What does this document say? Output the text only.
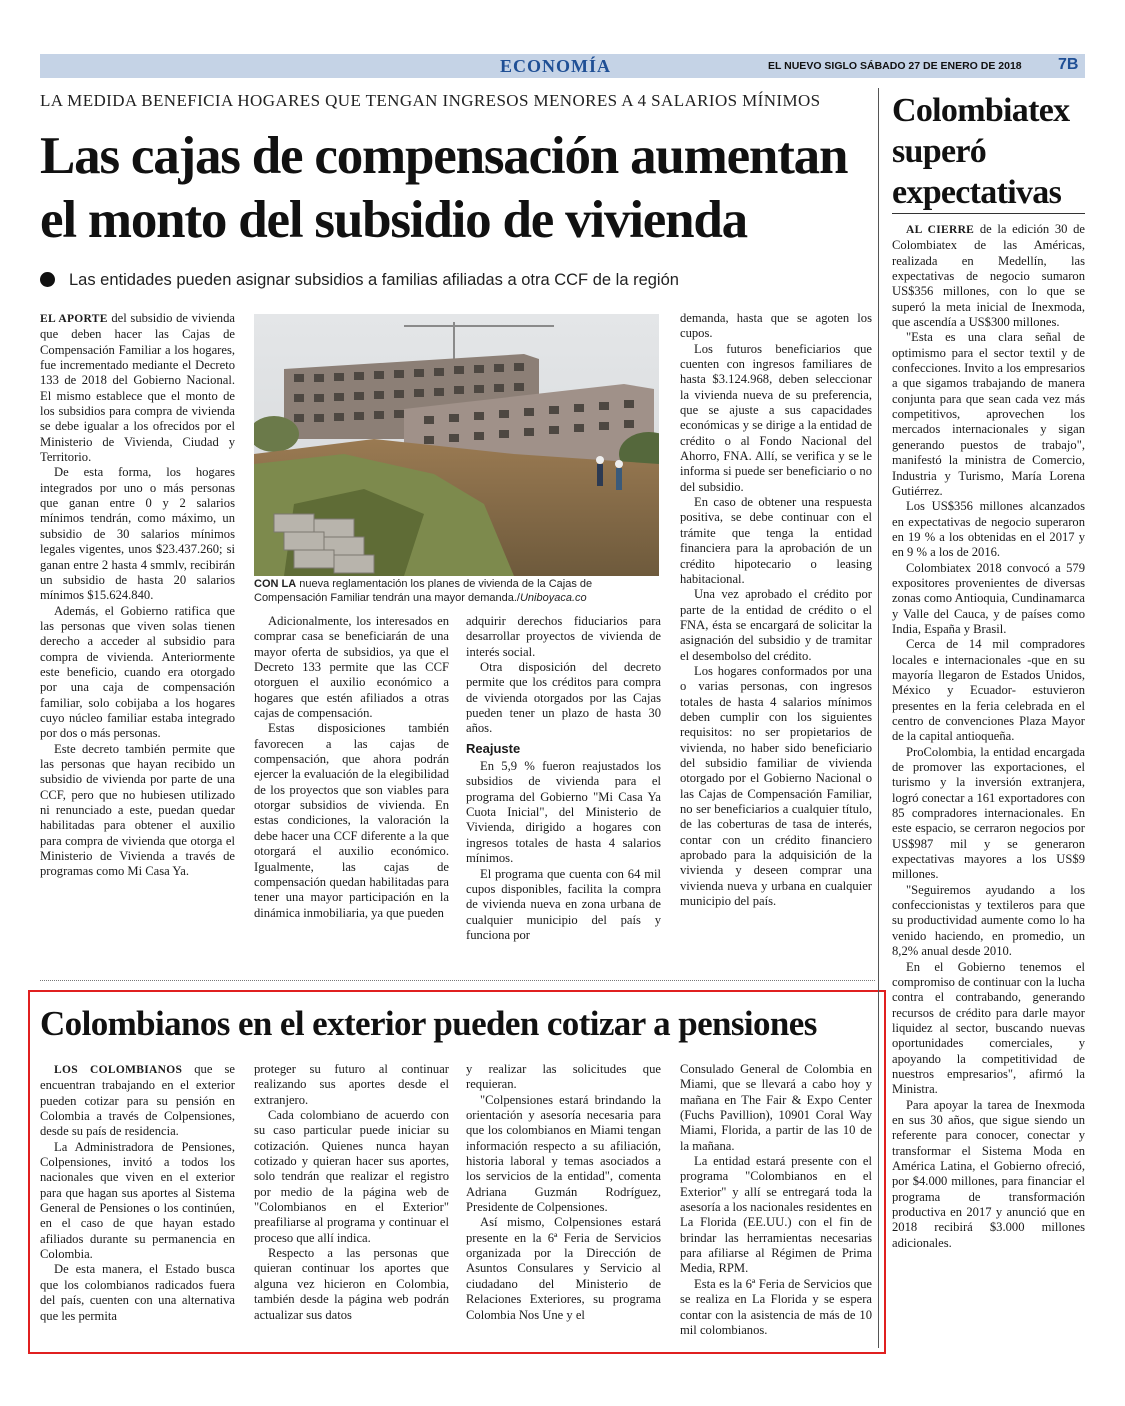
ECONOMÍA	EL NUEVO SIGLO SÁBADO 27 DE ENERO DE 2018 7B
LA MEDIDA BENEFICIA HOGARES QUE TENGAN INGRESOS MENORES A 4 SALARIOS MÍNIMOS
Las cajas de compensación aumentan el monto del subsidio de vivienda
Las entidades pueden asignar subsidios a familias afiliadas a otra CCF de la región

EL APORTE del subsidio de vivienda que deben hacer las Cajas de Compensación Familiar a los hogares, fue incrementado mediante el Decreto 133 de 2018 del Gobierno Nacional. El mismo establece que el monto de los subsidios para compra de vivienda se debe igualar a los ofrecidos por el Ministerio de Vivienda, Ciudad y Territorio.

De esta forma, los hogares integrados por uno o más personas que ganan entre 0 y 2 salarios mínimos tendrán, como máximo, un subsidio de 30 salarios mínimos legales vigentes, unos $23.437.260; si ganan entre 2 hasta 4 smmlv, recibirán un subsidio de hasta 20 salarios mínimos $15.624.840.

Además, el Gobierno ratifica que las personas que viven solas tienen derecho a acceder al subsidio para compra de vivienda. Anteriormente este beneficio, cuando era otorgado por una caja de compensación familiar, solo cobijaba a los hogares cuyo núcleo familiar estaba integrado por dos o más personas.

Este decreto también permite que las personas que hayan recibido un subsidio de vivienda por parte de una CCF, pero que no hubiesen utilizado ni renunciado a este, puedan quedar habilitadas para obtener el auxilio para compra de vivienda que otorga el Ministerio de Vivienda a través de programas como Mi Casa Ya.

CON LA nueva reglamentación los planes de vivienda de la Cajas de Compensación Familiar tendrán una mayor demanda./Uniboyaca.co

Adicionalmente, los interesados en comprar casa se beneficiarán de una mayor oferta de subsidios, ya que el Decreto 133 permite que las CCF otorguen el auxilio económico a hogares que estén afiliados a otras cajas de compensación.

Estas disposiciones también favorecen a las cajas de compensación, que ahora podrán ejercer la evaluación de la elegibilidad de los proyectos que son viables para otorgar subsidios de vivienda. En estas condiciones, la valoración la debe hacer una CCF diferente a la que otorgará el auxilio económico. Igualmente, las cajas de compensación quedan habilitadas para tener una mayor participación en la dinámica inmobiliaria, ya que pueden

adquirir derechos fiduciarios para desarrollar proyectos de vivienda de interés social.

Otra disposición del decreto permite que los créditos para compra de vivienda otorgados por las Cajas pueden tener un plazo de hasta 30 años.

Reajuste

En 5,9 % fueron reajustados los subsidios de vivienda para el programa del Gobierno "Mi Casa Ya Cuota Inicial", del Ministerio de Vivienda, dirigido a hogares con ingresos totales de hasta 4 salarios mínimos.

El programa que cuenta con 64 mil cupos disponibles, facilita la compra de vivienda nueva en zona urbana de cualquier municipio del país y funciona por

demanda, hasta que se agoten los cupos.

Los futuros beneficiarios que cuenten con ingresos familiares de hasta $3.124.968, deben seleccionar la vivienda nueva de su preferencia, que se ajuste a sus capacidades económicas y se dirige a la entidad de crédito o al Fondo Nacional del Ahorro, FNA. Allí, se verifica y se le informa si puede ser beneficiario o no del subsidio.

En caso de obtener una respuesta positiva, se debe continuar con el trámite que tenga la entidad financiera para la aprobación de un crédito hipotecario o leasing habitacional.

Una vez aprobado el crédito por parte de la entidad de crédito o el FNA, ésta se encargará de solicitar la asignación del subsidio y de tramitar el desembolso del crédito.

Los hogares conformados por una o varias personas, con ingresos totales de hasta 4 salarios mínimos deben cumplir con los siguientes requisitos: no ser propietarios de vivienda, no haber sido beneficiario del subsidio familiar de vivienda otorgado por el Gobierno Nacional o las Cajas de Compensación Familiar, no ser beneficiarios a cualquier título, de las coberturas de tasa de interés, contar con un crédito financiero aprobado para la adquisición de la vivienda y deseen comprar una vivienda nueva y urbana en cualquier municipio del país.

Colombianos en el exterior pueden cotizar a pensiones

LOS COLOMBIANOS que se encuentran trabajando en el exterior pueden cotizar para su pensión en Colombia a través de Colpensiones, desde su país de residencia.

La Administradora de Pensiones, Colpensiones, invitó a todos los nacionales que viven en el exterior para que hagan sus aportes al Sistema General de Pensiones o los continúen, en el caso de que hayan estado afiliados durante su permanencia en Colombia.

De esta manera, el Estado busca que los colombianos radicados fuera del país, cuenten con una alternativa que les permita

proteger su futuro al continuar realizando sus aportes desde el extranjero.

Cada colombiano de acuerdo con su caso particular puede iniciar su cotización. Quienes nunca hayan cotizado y quieran hacer sus aportes, solo tendrán que realizar el registro por medio de la página web de "Colombianos en el Exterior" preafiliarse al programa y continuar el proceso que allí indica.

Respecto a las personas que quieran continuar los aportes que alguna vez hicieron en Colombia, también desde la página web podrán actualizar sus datos

y realizar las solicitudes que requieran.

"Colpensiones estará brindando la orientación y asesoría necesaria para que los colombianos en Miami tengan información respecto a su afiliación, historia laboral y temas asociados a los servicios de la entidad", comenta Adriana Guzmán Rodríguez, Presidente de Colpensiones.

Así mismo, Colpensiones estará presente en la 6ª Feria de Servicios organizada por la Dirección de Asuntos Consulares y Servicio al ciudadano del Ministerio de Relaciones Exteriores, su programa Colombia Nos Une y el

Consulado General de Colombia en Miami, que se llevará a cabo hoy y mañana en The Fair & Expo Center (Fuchs Pavillion), 10901 Coral Way Miami, Florida, a partir de las 10 de la mañana.

La entidad estará presente con el programa "Colombianos en el Exterior" y allí se entregará toda la asesoría a los nacionales residentes en La Florida (EE.UU.) con el fin de brindar las herramientas necesarias para afiliarse al Régimen de Prima Media, RPM.

Esta es la 6ª Feria de Servicios que se realiza en La Florida y se espera contar con la asistencia de más de 10 mil colombianos.

Colombiatex superó expectativas

AL CIERRE de la edición 30 de Colombiatex de las Américas, realizada en Medellín, las expectativas de negocio sumaron US$356 millones, con lo que se superó la meta inicial de Inexmoda, que ascendía a US$300 millones.

"Esta es una clara señal de optimismo para el sector textil y de confecciones. Invito a los empresarios a que sigamos trabajando de manera conjunta para que sean cada vez más competitivos, aprovechen los mercados internacionales y sigan generando puestos de trabajo", manifestó la ministra de Comercio, Industria y Turismo, María Lorena Gutiérrez.

Los US$356 millones alcanzados en expectativas de negocio superaron en 19 % a los obtenidas en el 2017 y en 9 % a los de 2016.

Colombiatex 2018 convocó a 579 expositores provenientes de diversas zonas como Antioquia, Cundinamarca y Valle del Cauca, y de países como India, España y Brasil.

Cerca de 14 mil compradores locales e internacionales -que en su mayoría llegaron de Estados Unidos, México y Ecuador- estuvieron presentes en la feria celebrada en el centro de convenciones Plaza Mayor de la capital antioqueña.

ProColombia, la entidad encargada de promover las exportaciones, el turismo y la inversión extranjera, logró conectar a 161 exportadores con 85 compradores internacionales. En este espacio, se cerraron negocios por US$987 mil y se generaron expectativas mayores a los US$9 millones.

"Seguiremos ayudando a los confeccionistas y textileros para que su productividad aumente como lo ha venido haciendo, en promedio, un 8,2% anual desde 2010.

En el Gobierno tenemos el compromiso de continuar con la lucha contra el contrabando, generando recursos de crédito para darle mayor liquidez al sector, buscando nuevas oportunidades comerciales, y apoyando la competitividad de nuestros empresarios", afirmó la Ministra.

Para apoyar la tarea de Inexmoda en sus 30 años, que sigue siendo un referente para conocer, conectar y transformar el Sistema Moda en América Latina, el Gobierno ofreció, por $4.000 millones, para financiar el programa de transformación productiva en 2017 y anunció que en 2018 recibirá $3.000 millones adicionales.
